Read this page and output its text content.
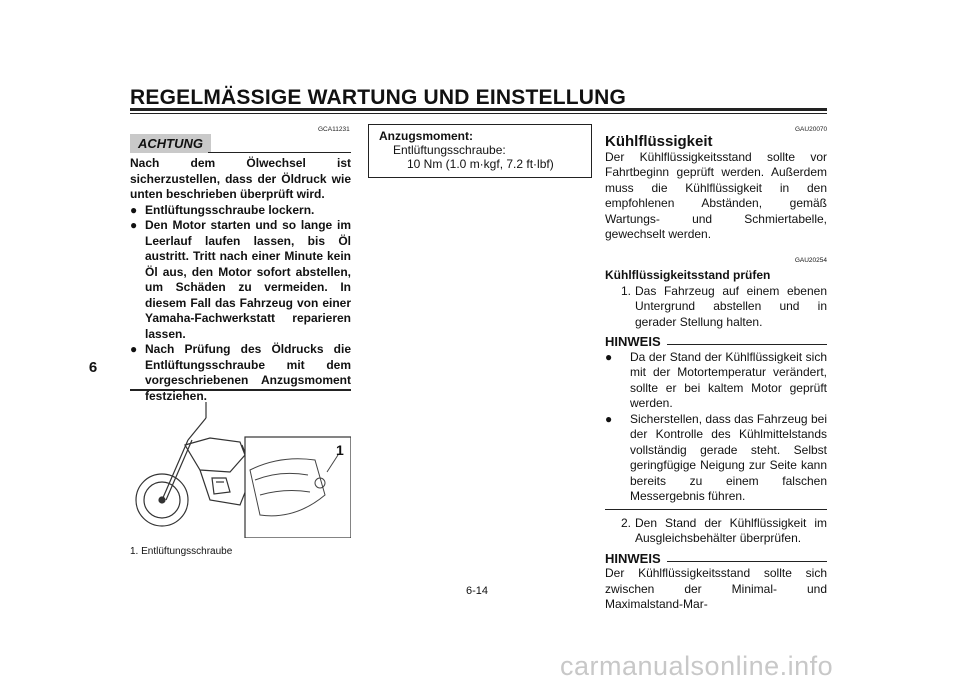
REGELMÄSSIGE WARTUNG UND EINSTELLUNG
6
GCA11231
ACHTUNG

Nach dem Ölwechsel ist sicherzustellen, dass der Öldruck wie unten beschrieben überprüft wird.

● Entlüftungsschraube lockern.
● Den Motor starten und so lange im Leerlauf laufen lassen, bis Öl austritt. Tritt nach einer Minute kein Öl aus, den Motor sofort abstellen, um Schäden zu vermeiden. In diesem Fall das Fahrzeug von einer Yamaha-Fachwerkstatt reparieren lassen.
● Nach Prüfung des Öldrucks die Entlüftungsschraube mit dem vorgeschriebenen Anzugsmoment festziehen.
1
1. Entlüftungsschraube
Anzugsmoment:
Entlüftungsschraube:
10 Nm (1.0 m·kgf, 7.2 ft·lbf)
GAU20070
Kühlflüssigkeit

Der Kühlflüssigkeitsstand sollte vor Fahrtbeginn geprüft werden. Außerdem muss die Kühlflüssigkeit in den empfohlenen Abständen, gemäß Wartungs- und Schmiertabelle, gewechselt werden.

GAU20254
Kühlflüssigkeitsstand prüfen
1. Das Fahrzeug auf einem ebenen Untergrund abstellen und in gerader Stellung halten.
HINWEIS
●	Da der Stand der Kühlflüssigkeit sich mit der Motortemperatur verändert, sollte er bei kaltem Motor geprüft werden.
●	Sicherstellen, dass das Fahrzeug bei der Kontrolle des Kühlmittelstands vollständig gerade steht. Selbst geringfügige Neigung zur Seite kann bereits zu einem falschen Messergebnis führen.
2. Den Stand der Kühlflüssigkeit im Ausgleichsbehälter überprüfen.
HINWEIS

Der Kühlflüssigkeitsstand sollte sich zwischen der Minimal- und Maximalstand-Mar-

6-14
carmanualsonline.info
